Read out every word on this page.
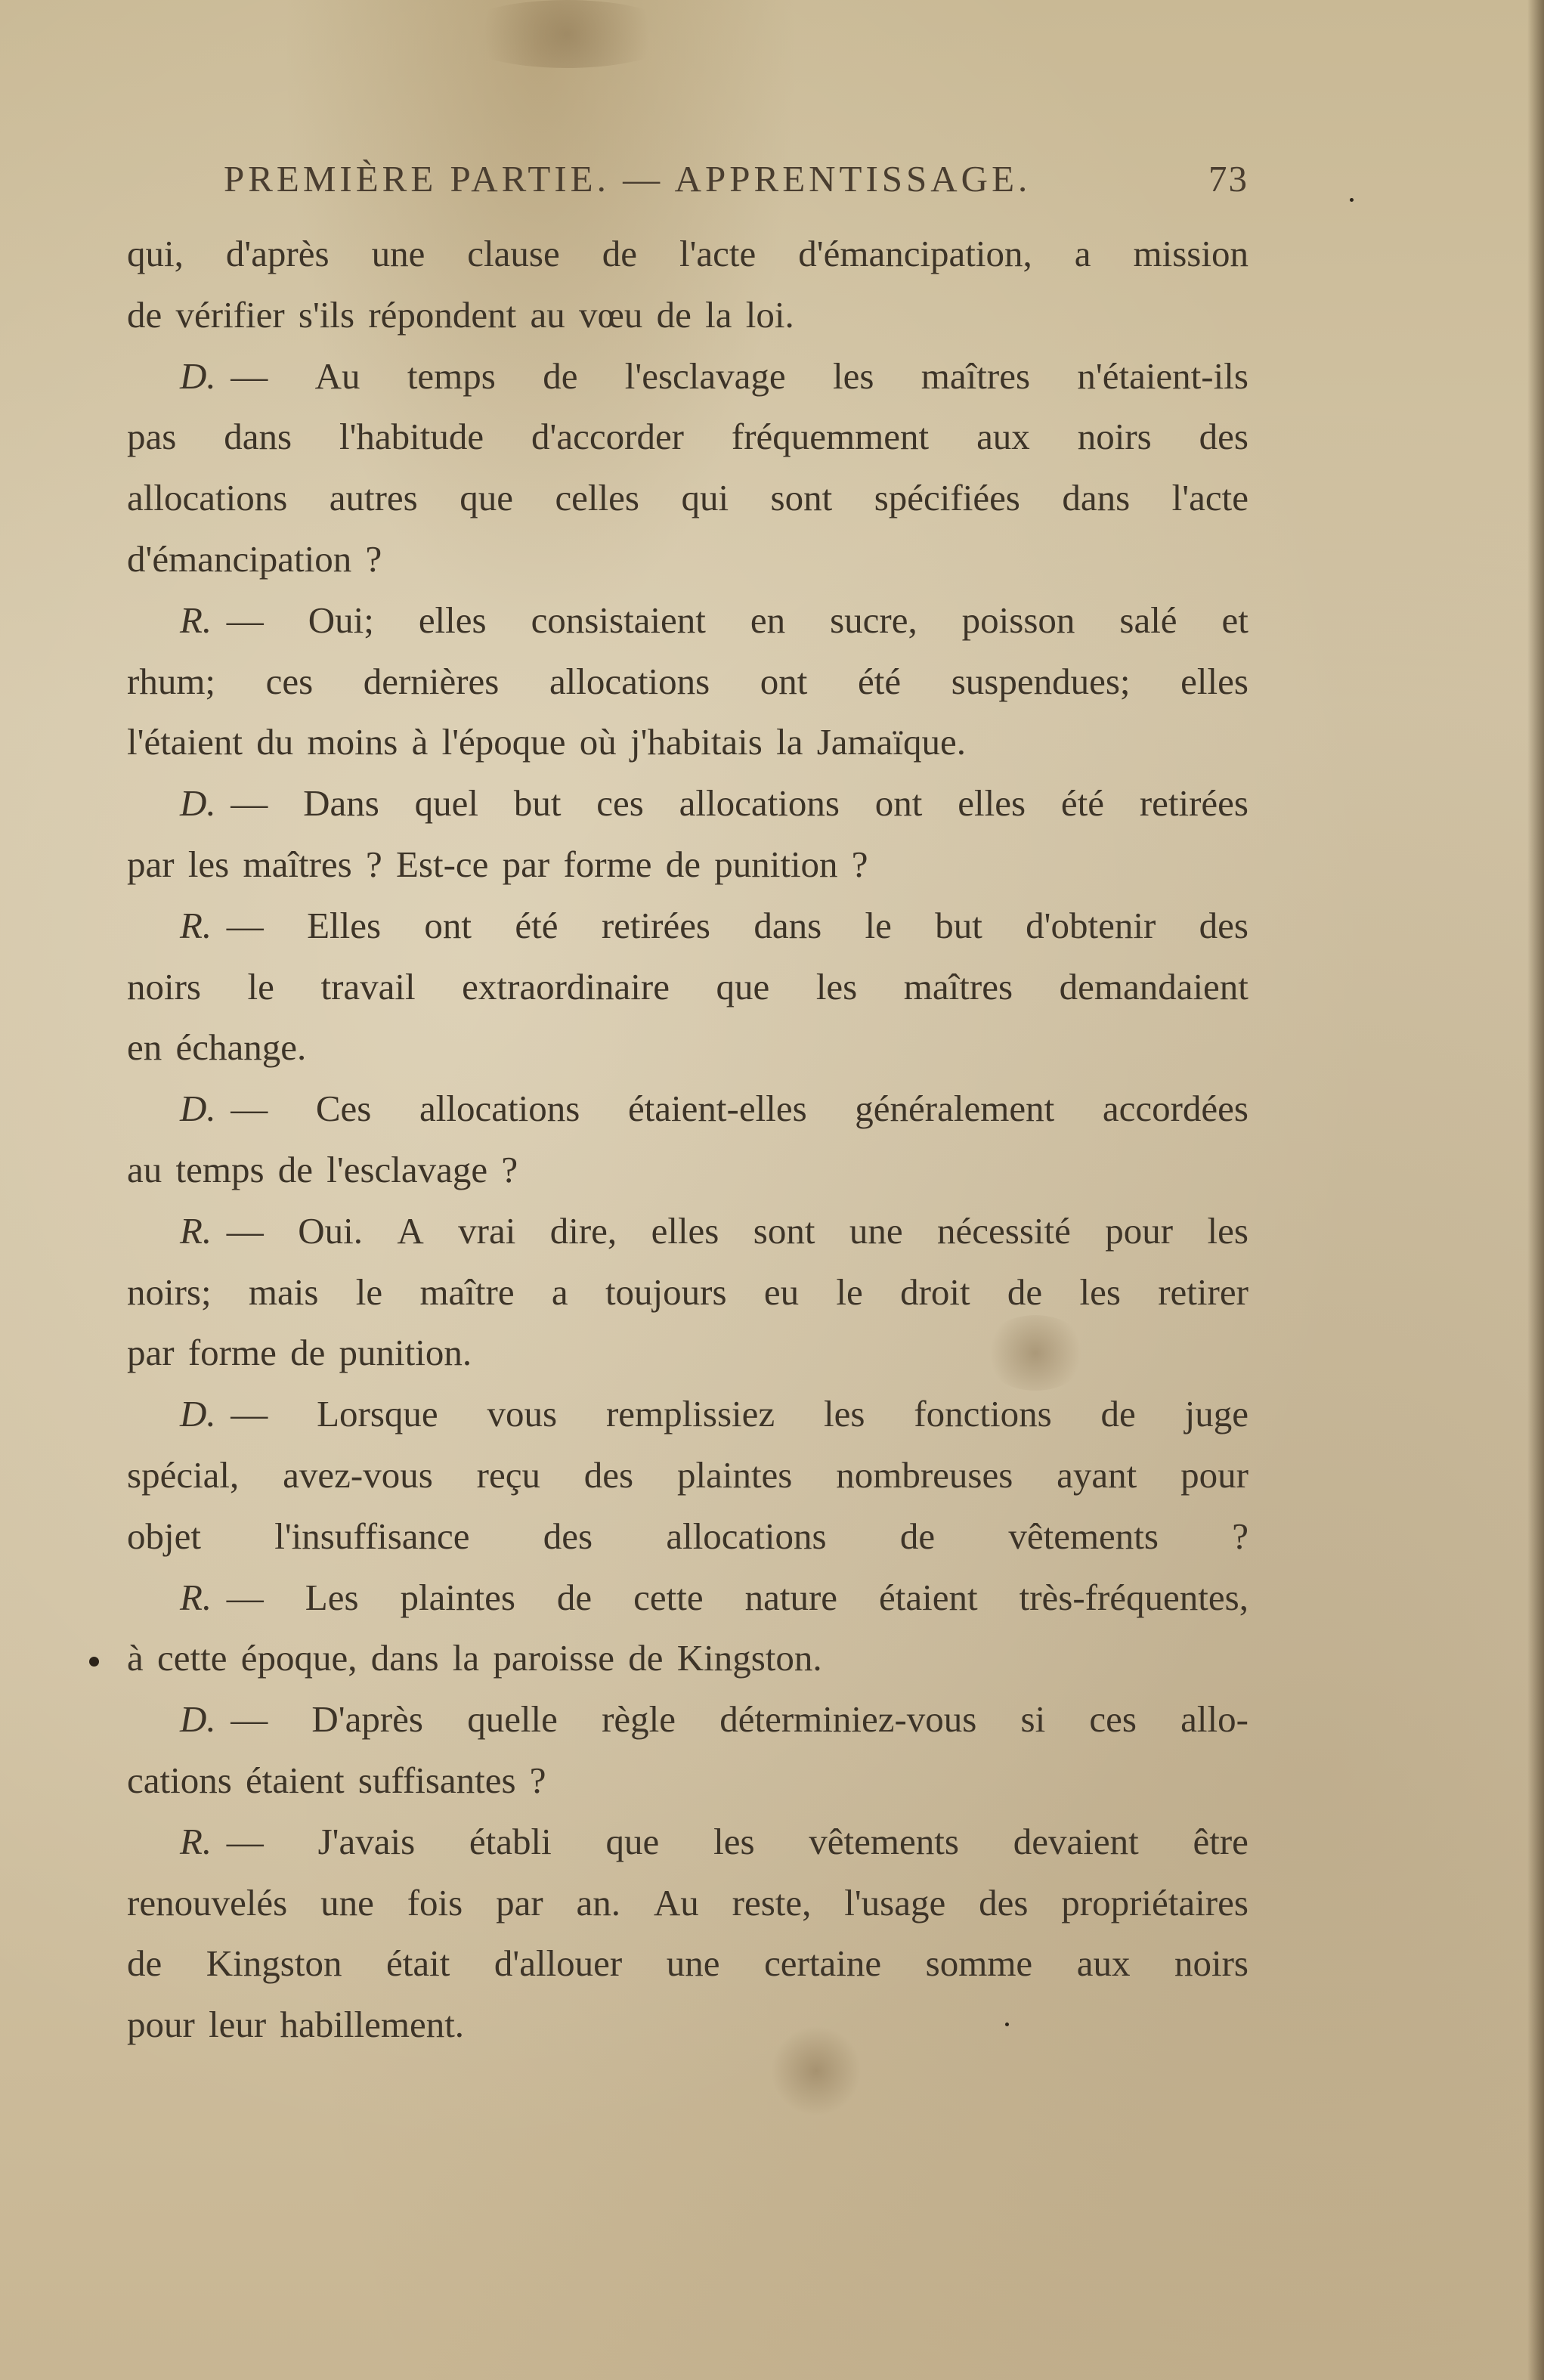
PREMIÈRE PARTIE. — APPRENTISSAGE.	73
qui, d'après une clause de l'acte d'émancipation, a mission
de vérifier s'ils répondent au vœu de la loi.
D. — Au temps de l'esclavage les maîtres n'étaient-ils
pas dans l'habitude d'accorder fréquemment aux noirs des
allocations autres que celles qui sont spécifiées dans l'acte
d'émancipation ?
R. — Oui; elles consistaient en sucre, poisson salé et
rhum; ces dernières allocations ont été suspendues; elles
l'étaient du moins à l'époque où j'habitais la Jamaïque.
D. — Dans quel but ces allocations ont elles été retirées
par les maîtres ? Est-ce par forme de punition ?
R. — Elles ont été retirées dans le but d'obtenir des
noirs le travail extraordinaire que les maîtres demandaient
en échange.
D. — Ces allocations étaient-elles généralement accordées
au temps de l'esclavage ?
R. — Oui. A vrai dire, elles sont une nécessité pour les
noirs; mais le maître a toujours eu le droit de les retirer
par forme de punition.
D. — Lorsque vous remplissiez les fonctions de juge
spécial, avez-vous reçu des plaintes nombreuses ayant pour
objet l'insuffisance des allocations de vêtements ?
R. — Les plaintes de cette nature étaient très-fréquentes,
à cette époque, dans la paroisse de Kingston.
D. — D'après quelle règle déterminiez-vous si ces allo-
cations étaient suffisantes ?
R. — J'avais établi que les vêtements devaient être
renouvelés une fois par an. Au reste, l'usage des propriétaires
de Kingston était d'allouer une certaine somme aux noirs
pour leur habillement.
